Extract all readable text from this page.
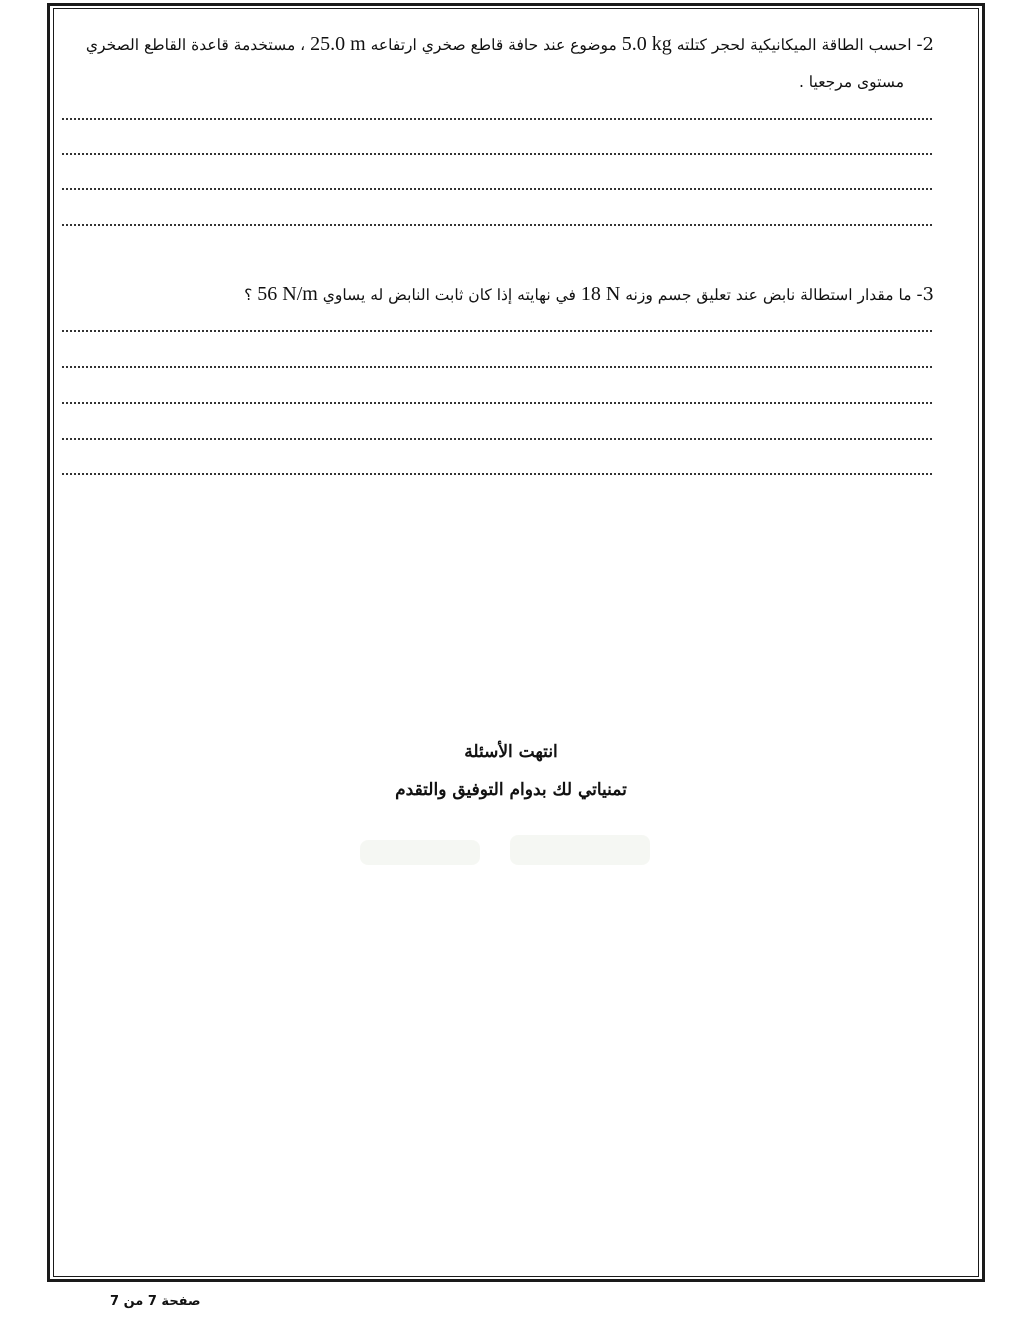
2- احسب الطاقة الميكانيكية لحجر كتلته 5.0 kg موضوع عند حافة قاطع صخري ارتفاعه 25.0 m ، مستخدمة قاعدة القاطع الصخري
مستوى مرجعيا .
3- ما مقدار استطالة نابض عند تعليق جسم وزنه 18 N في نهايته إذا كان ثابت النابض له يساوي 56 N/m ؟
انتهت الأسئلة
تمنياتي لك بدوام التوفيق والتقدم
صفحة 7 من 7
